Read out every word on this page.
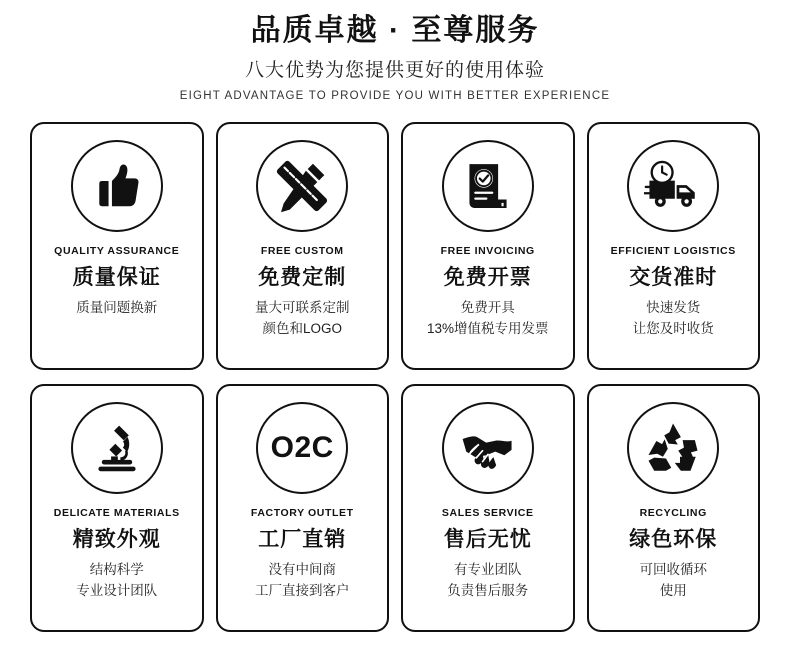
品质卓越 · 至尊服务
八大优势为您提供更好的使用体验
EIGHT ADVANTAGE TO PROVIDE YOU WITH BETTER EXPERIENCE
QUALITY ASSURANCE
质量保证
质量问题换新
FREE CUSTOM
免费定制
量大可联系定制
颜色和LOGO
FREE INVOICING
免费开票
免费开具
13%增值税专用发票
EFFICIENT LOGISTICS
交货准时
快速发货
让您及时收货
DELICATE MATERIALS
精致外观
结构科学
专业设计团队
O2C
FACTORY OUTLET
工厂直销
没有中间商
工厂直接到客户
SALES SERVICE
售后无忧
有专业团队
负责售后服务
RECYCLING
绿色环保
可回收循环
使用
